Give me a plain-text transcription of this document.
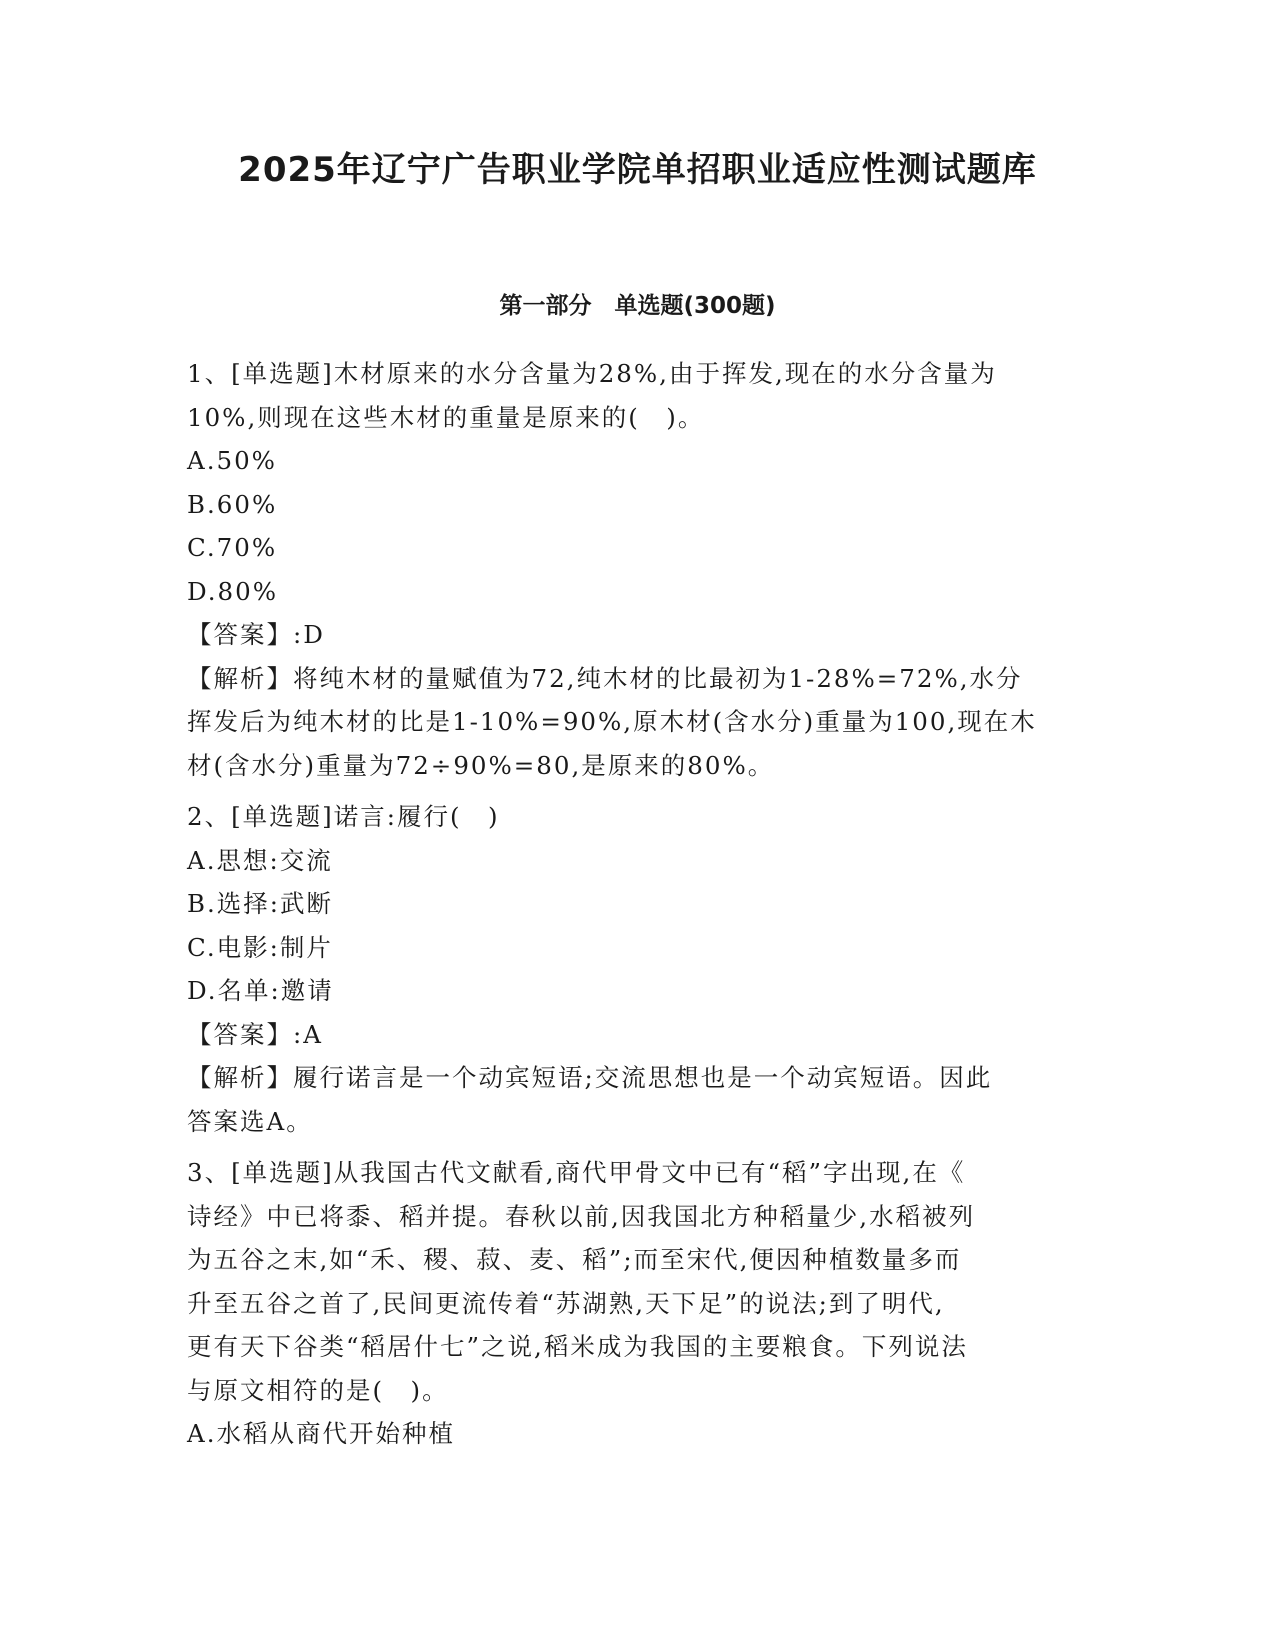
2025年辽宁广告职业学院单招职业适应性测试题库
第一部分　单选题(300题)
1、[单选题]木材原来的水分含量为28%,由于挥发,现在的水分含量为
10%,则现在这些木材的重量是原来的(　)。
A.50%
B.60%
C.70%
D.80%
【答案】:D
【解析】将纯木材的量赋值为72,纯木材的比最初为1-28%=72%,水分
挥发后为纯木材的比是1-10%=90%,原木材(含水分)重量为100,现在木
材(含水分)重量为72÷90%=80,是原来的80%。
2、[单选题]诺言:履行(　)
A.思想:交流
B.选择:武断
C.电影:制片
D.名单:邀请
【答案】:A
【解析】履行诺言是一个动宾短语;交流思想也是一个动宾短语。因此
答案选A。
3、[单选题]从我国古代文献看,商代甲骨文中已有“稻”字出现,在《
诗经》中已将黍、稻并提。春秋以前,因我国北方种稻量少,水稻被列
为五谷之末,如“禾、稷、菽、麦、稻”;而至宋代,便因种植数量多而
升至五谷之首了,民间更流传着“苏湖熟,天下足”的说法;到了明代,
更有天下谷类“稻居什七”之说,稻米成为我国的主要粮食。下列说法
与原文相符的是(　)。
A.水稻从商代开始种植
